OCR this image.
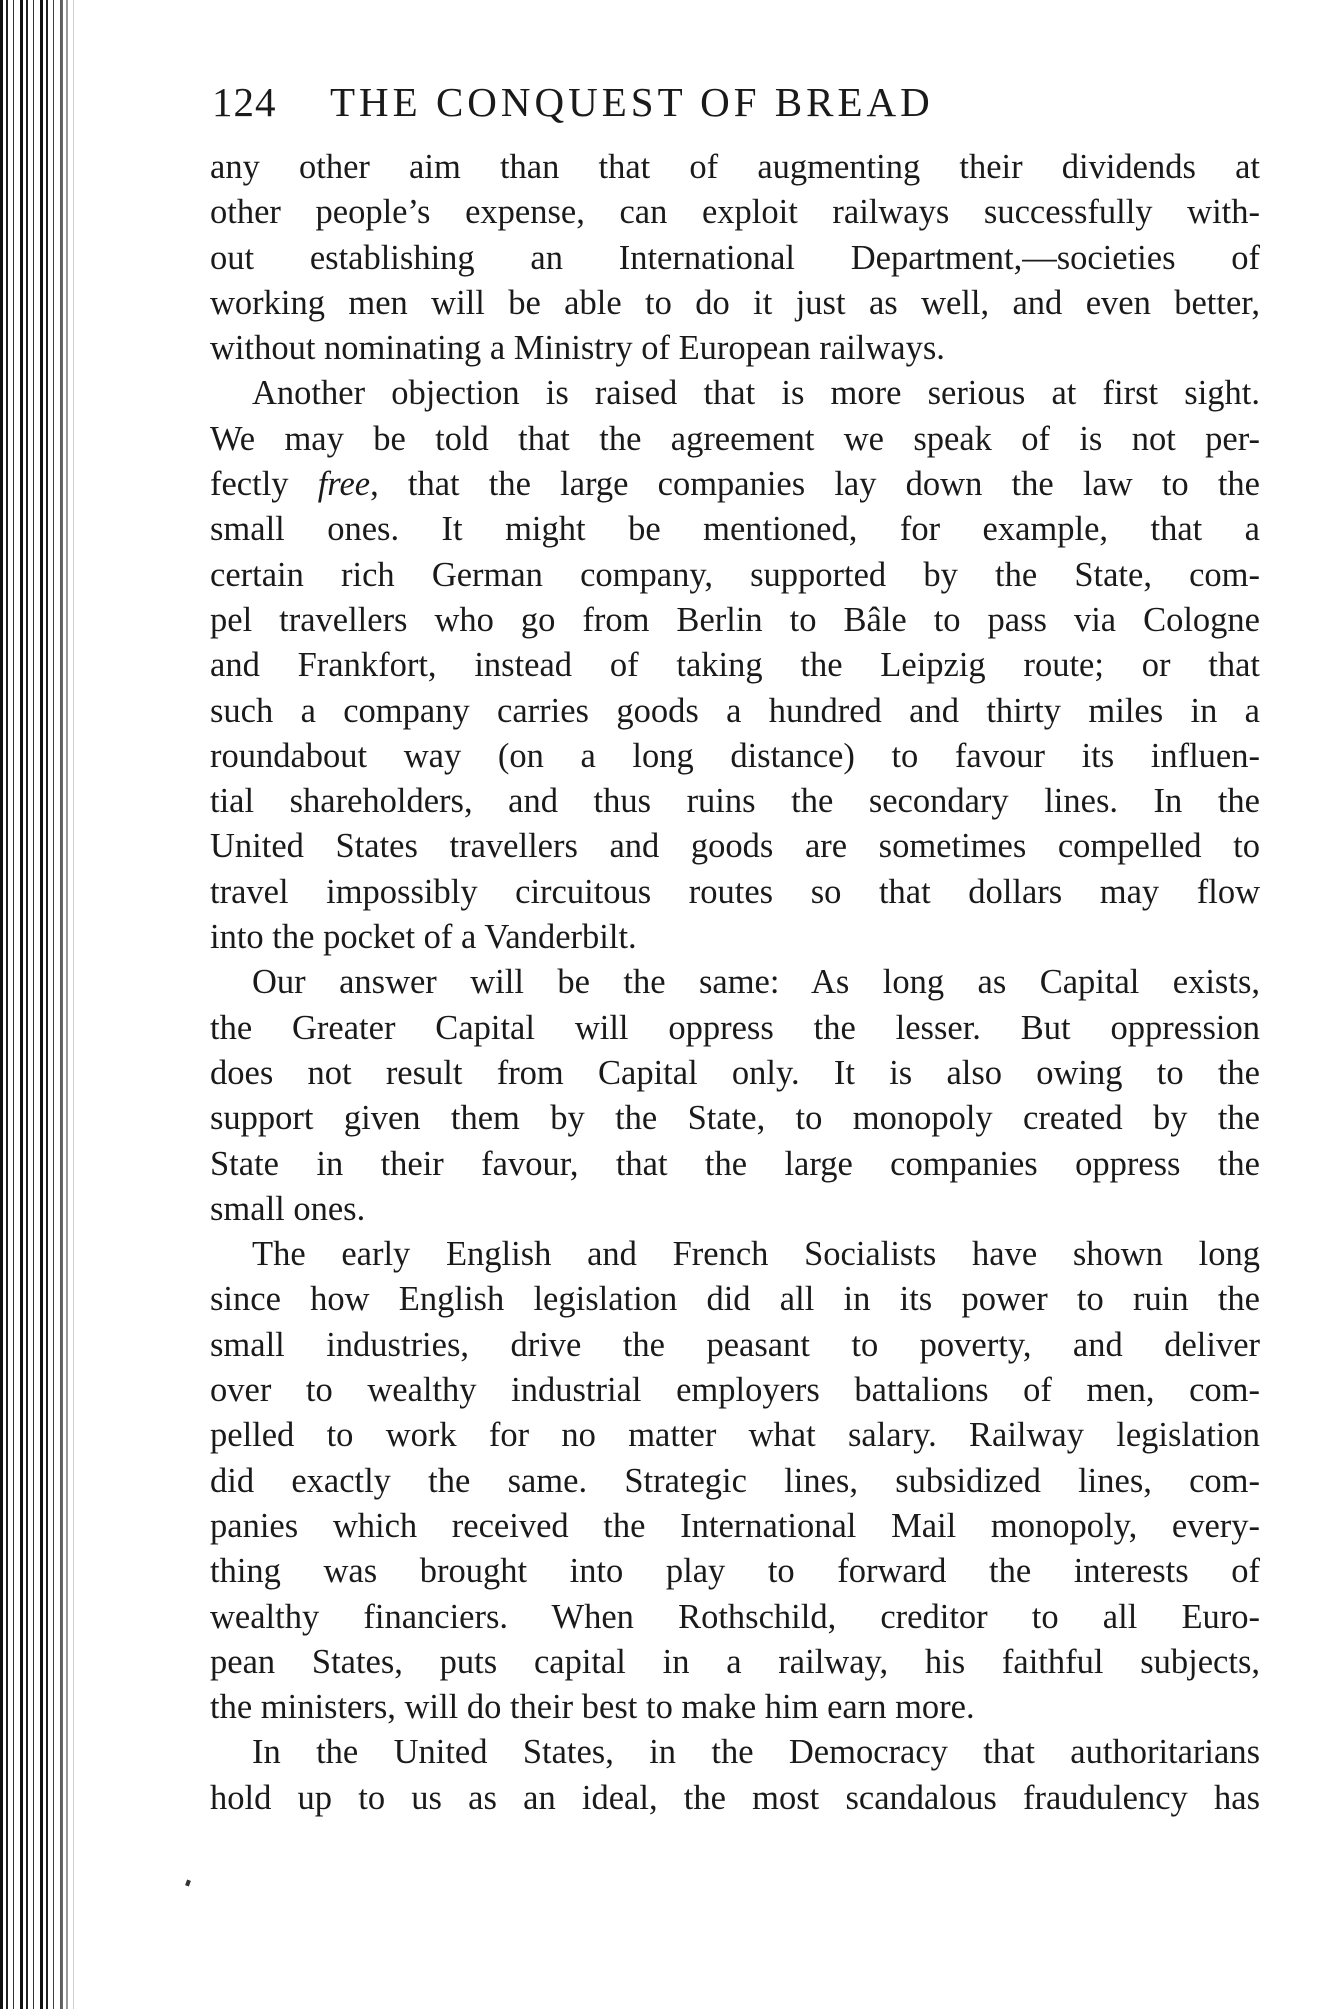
124 THE CONQUEST OF BREAD
any other aim than that of augmenting their dividends at
other people’s expense, can exploit railways successfully with-
out establishing an International Department,—societies of
working men will be able to do it just as well, and even better,
without nominating a Ministry of European railways.
Another objection is raised that is more serious at first sight.
We may be told that the agreement we speak of is not per-
fectly free, that the large companies lay down the law to the
small ones. It might be mentioned, for example, that a
certain rich German company, supported by the State, com-
pel travellers who go from Berlin to Bâle to pass via Cologne
and Frankfort, instead of taking the Leipzig route; or that
such a company carries goods a hundred and thirty miles in a
roundabout way (on a long distance) to favour its influen-
tial shareholders, and thus ruins the secondary lines. In the
United States travellers and goods are sometimes compelled to
travel impossibly circuitous routes so that dollars may flow
into the pocket of a Vanderbilt.
Our answer will be the same: As long as Capital exists,
the Greater Capital will oppress the lesser. But oppression
does not result from Capital only. It is also owing to the
support given them by the State, to monopoly created by the
State in their favour, that the large companies oppress the
small ones.
The early English and French Socialists have shown long
since how English legislation did all in its power to ruin the
small industries, drive the peasant to poverty, and deliver
over to wealthy industrial employers battalions of men, com-
pelled to work for no matter what salary. Railway legislation
did exactly the same. Strategic lines, subsidized lines, com-
panies which received the International Mail monopoly, every-
thing was brought into play to forward the interests of
wealthy financiers. When Rothschild, creditor to all Euro-
pean States, puts capital in a railway, his faithful subjects,
the ministers, will do their best to make him earn more.
In the United States, in the Democracy that authoritarians
hold up to us as an ideal, the most scandalous fraudulency has
